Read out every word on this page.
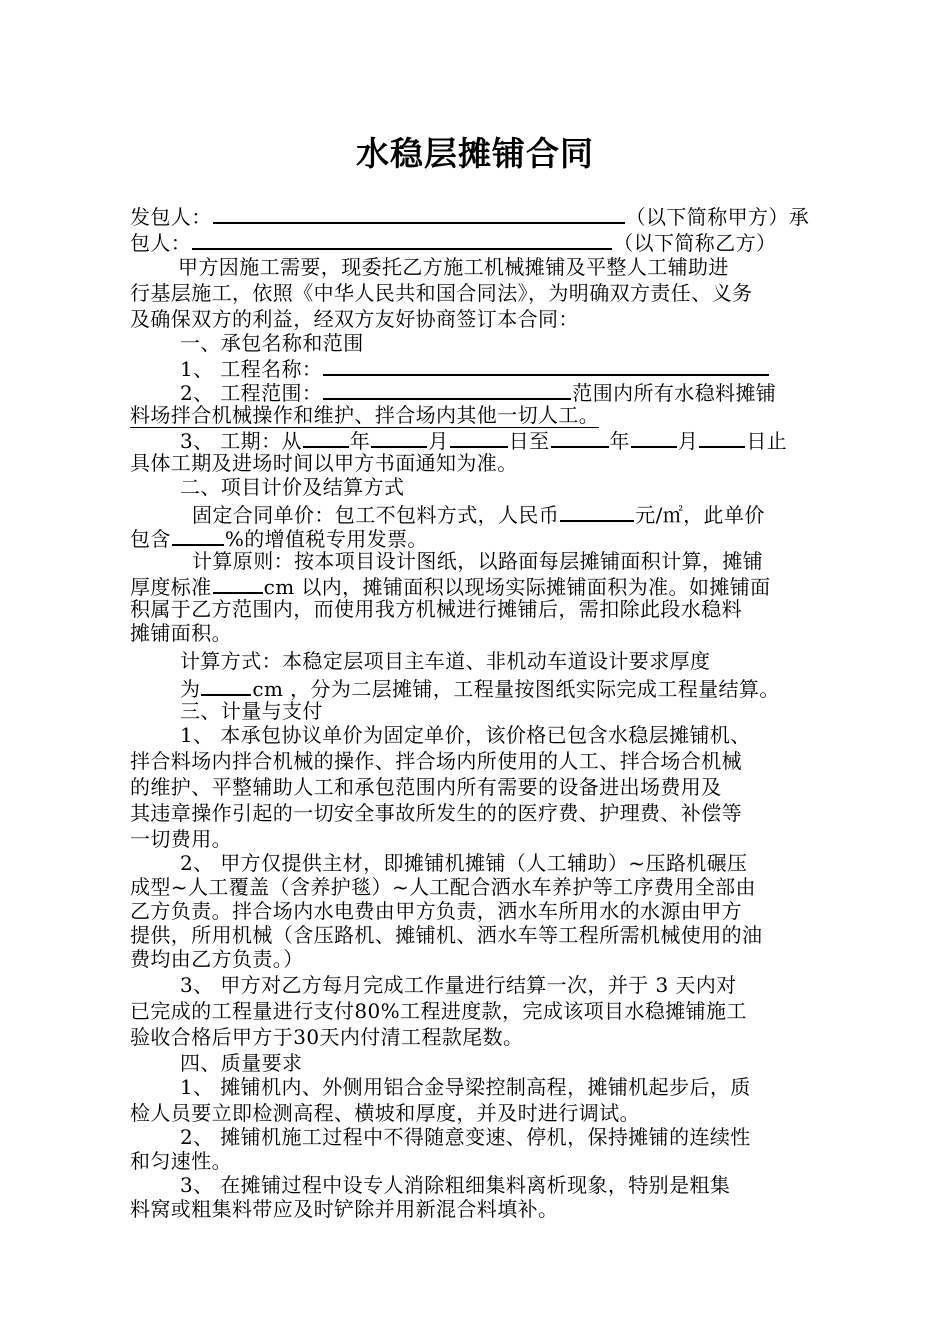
水稳层摊铺合同
发包人：	（以下简称甲方）承
包人：	（以下简称乙方）
甲方因施工需要，现委托乙方施工机械摊铺及平整人工辅助进
行基层施工，依照《中华人民共和国合同法》，为明确双方责任、义务
及确保双方的利益，经双方友好协商签订本合同：
一、承包名称和范围
1、 工程名称：
2、 工程范围：	范围内所有水稳料摊铺
料场拌合机械操作和维护、拌合场内其他一切人工。
3、 工期：从 年	月	日至	年 月 日止
具体工期及进场时间以甲方书面通知为准。
二、项目计价及结算方式
固定合同单价：包工不包料方式，人民币	元/㎡，此单价
包含	%的增值税专用发票。
计算原则：按本项目设计图纸，以路面每层摊铺面积计算，摊铺
厚度标准	cm 以内，摊铺面积以现场实际摊铺面积为准。如摊铺面
积属于乙方范围内，而使用我方机械进行摊铺后，需扣除此段水稳料
摊铺面积。
计算方式：本稳定层项目主车道、非机动车道设计要求厚度
为	cm ，分为二层摊铺，工程量按图纸实际完成工程量结算。
三、计量与支付
1、 本承包协议单价为固定单价，该价格已包含水稳层摊铺机、
拌合料场内拌合机械的操作、拌合场内所使用的人工、拌合场合机械
的维护、平整辅助人工和承包范围内所有需要的设备进出场费用及
其违章操作引起的一切安全事故所发生的的医疗费、护理费、补偿等
一切费用。
2、 甲方仅提供主材，即摊铺机摊铺（人工辅助）~压路机碾压
成型~人工覆盖（含养护毯）~人工配合洒水车养护等工序费用全部由
乙方负责。拌合场内水电费由甲方负责，洒水车所用水的水源由甲方
提供，所用机械（含压路机、摊铺机、洒水车等工程所需机械使用的油
费均由乙方负责。）
3、 甲方对乙方每月完成工作量进行结算一次，并于 3 天内对
已完成的工程量进行支付80%工程进度款，完成该项目水稳摊铺施工
验收合格后甲方于30天内付清工程款尾数。
四、质量要求
1、 摊铺机内、外侧用铝合金导梁控制高程，摊铺机起步后，质
检人员要立即检测高程、横坡和厚度，并及时进行调试。
2、 摊铺机施工过程中不得随意变速、停机，保持摊铺的连续性
和匀速性。
3、 在摊铺过程中设专人消除粗细集料离析现象，特别是粗集
料窝或粗集料带应及时铲除并用新混合料填补。
